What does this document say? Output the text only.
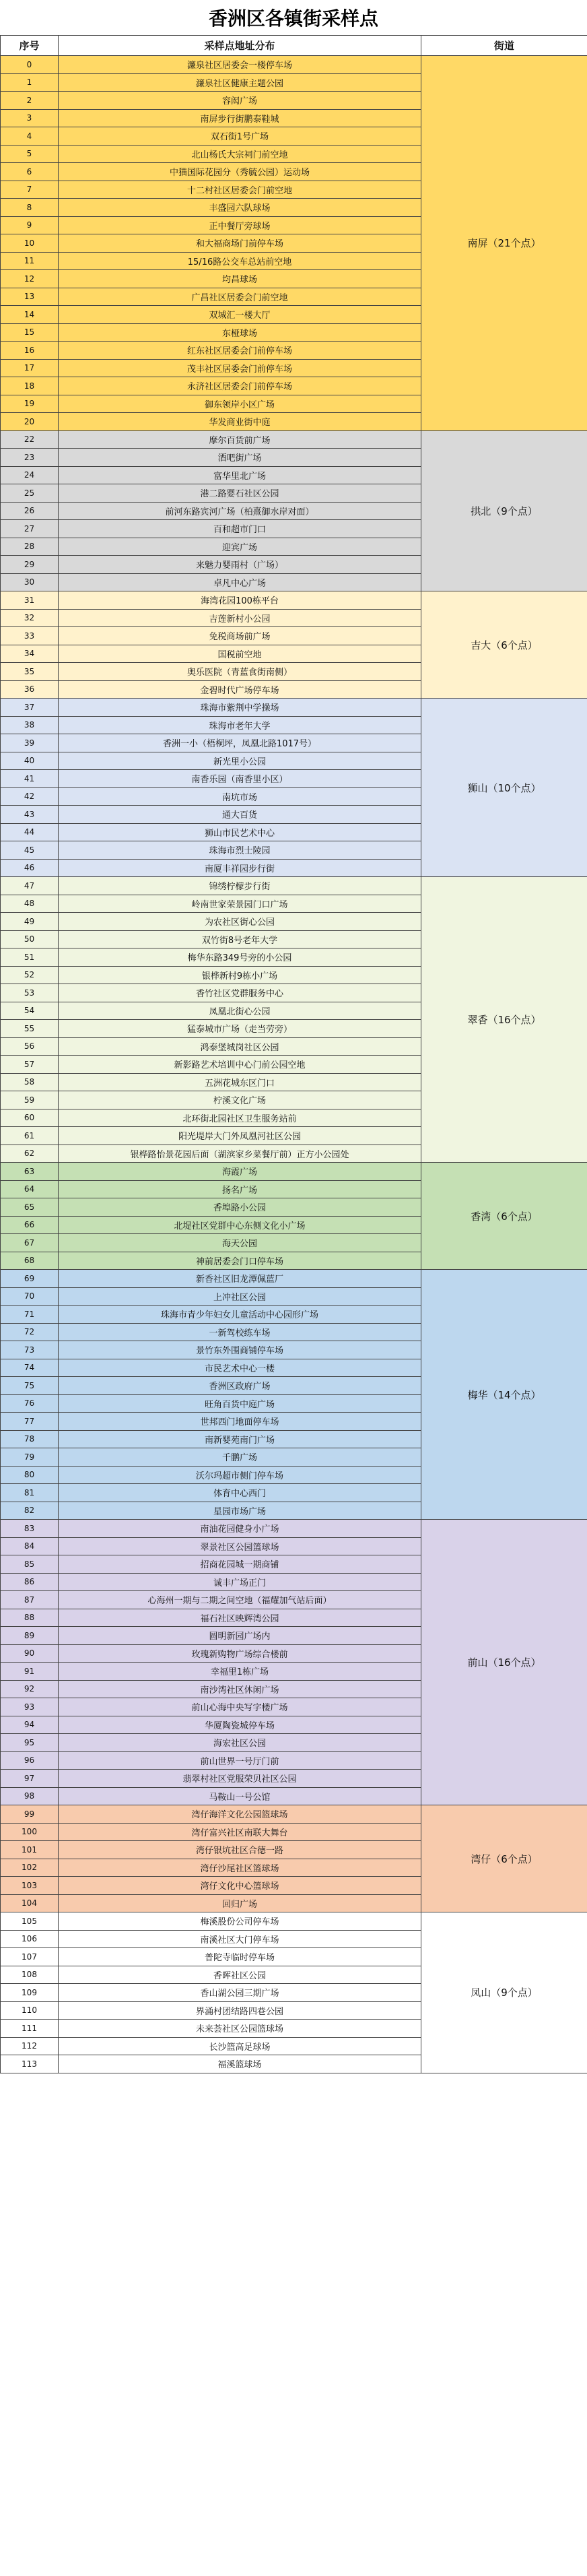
香洲区各镇街采样点
序号	采样点地址分布	街道
0	濂泉社区居委会一楼停车场	南屏（21个点）
1	濂泉社区健康主题公园	
2	容闳广场	
3	南屏步行街鹏泰鞋城	
4	双石街1号广场	
5	北山杨氏大宗祠门前空地	
6	中猫国际花园分（秀毓公园）运动场	
7	十二村社区居委会门前空地	
8	丰盛园六队球场	
9	正中餐厅旁球场	
10	和大福商场门前停车场	
11	15/16路公交车总站前空地	
12	均昌球场	
13	广昌社区居委会门前空地	
14	双城汇一楼大厅	
15	东桠球场	
16	红东社区居委会门前停车场	
17	茂丰社区居委会门前停车场	
18	永济社区居委会门前停车场	
19	御东领岸小区广场	
20	华发商业街中庭	
22	摩尔百货前广场	拱北（9个点）
23	酒吧街广场	
24	富华里北广场	
25	港二路婴石社区公园	
26	前河东路宾河广场（柏熹御水岸对面）	
27	百和超市门口	
28	迎宾广场	
29	来魅力婴雨村（广场）	
30	卓凡中心广场	
31	海湾花园100栋平台	吉大（6个点）
32	吉莲新村小公园	
33	免税商场前广场	
34	国税前空地	
35	奥乐医院（青蓝食街南侧）	
36	金碧时代广场停车场	
37	珠海市紫荆中学操场	狮山（10个点）
38	珠海市老年大学	
39	香洲一小（梧桐坪，凤凰北路1017号）	
40	新光里小公园	
41	南香乐园（南香里小区）	
42	南坑市场	
43	通大百货	
44	狮山市民艺术中心	
45	珠海市烈士陵园	
46	南厦丰祥园步行街	
47	锦绣柠檬步行街	翠香（16个点）
48	岭南世家荣景园门口广场	
49	为农社区街心公园	
50	双竹街8号老年大学	
51	梅华东路349号旁的小公园	
52	银桦新村9栋小广场	
53	香竹社区党群服务中心	
54	凤凰北街心公园	
55	猛泰城市广场（走当劳旁）	
56	鸿泰堡城岗社区公园	
57	新影路艺术培训中心门前公园空地	
58	五洲花城东区门口	
59	柠溪文化广场	
60	北环街北园社区卫生服务站前	
61	阳光堤岸大门外凤凰河社区公园	
62	银桦路怡景花园后面（湖滨家乡菜餐厅前）正方小公园处	
63	海霞广场	香湾（6个点）
64	扬名广场	
65	香埠路小公园	
66	北堤社区党群中心东侧文化小广场	
67	海天公园	
68	神前居委会门口停车场	
69	新香社区旧龙潭佩蓝厂	梅华（14个点）
70	上冲社区公园	
71	珠海市青少年妇女儿童活动中心园形广场	
72	一新驾校练车场	
73	景竹东外围商铺停车场	
74	市民艺术中心一楼	
75	香洲区政府广场	
76	旺角百货中庭广场	
77	世邦西门地面停车场	
78	南新婴苑南门广场	
79	千鹏广场	
80	沃尔玛超市侧门停车场	
81	体育中心西门	
82	星园市场广场	
83	南油花园健身小广场	前山（16个点）
84	翠景社区公园篮球场	
85	招商花园城一期商铺	
86	诚丰广场正门	
87	心海州一期与二期之间空地（福耀加气站后面）	
88	福石社区映辉湾公园	
89	圆明新园广场内	
90	玫瑰新购物广场综合楼前	
91	幸福里1栋广场	
92	南沙湾社区休闲广场	
93	前山心海中央写字楼广场	
94	华厦陶瓷城停车场	
95	海宏社区公园	
96	前山世界一号厅门前	
97	翡翠村社区党服荣贝社区公园	
98	马鞍山一号公馆	
99	湾仔海洋文化公园篮球场	湾仔（6个点）
100	湾仔富兴社区南联大舞台	
101	湾仔银坑社区合德一路	
102	湾仔沙尾社区篮球场	
103	湾仔文化中心篮球场	
104	回归广场	
105	梅溪股份公司停车场	凤山（9个点）
106	南溪社区大门停车场	
107	普陀寺临时停车场	
108	香晖社区公园	
109	香山湖公园三期广场	
110	界涌村团结路四巷公园	
111	未来荟社区公园篮球场	
112	长沙篮高足球场	
113	福溪篮球场	
